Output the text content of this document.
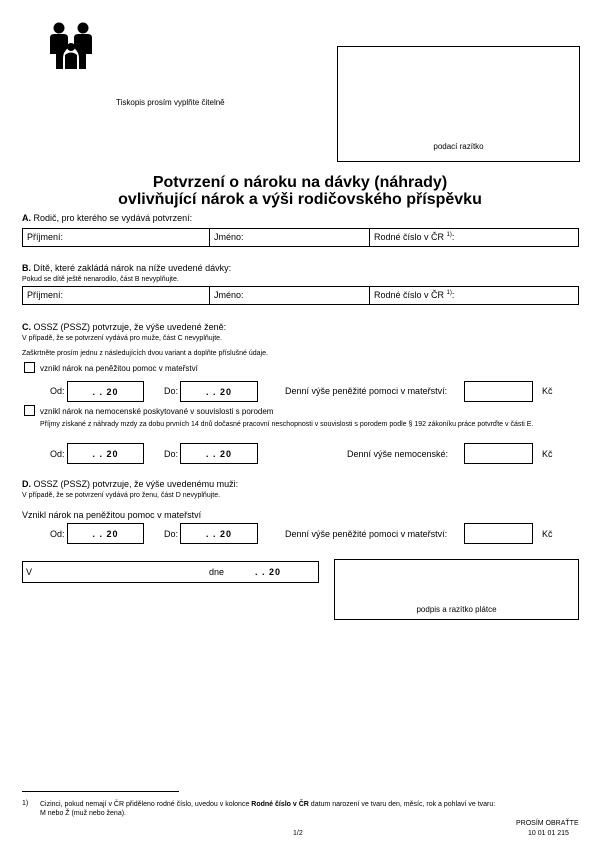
Tiskopis prosím vyplňte čitelně
podací razítko
Potvrzení o nároku na dávky (náhrady)
ovlivňující nárok a výši rodičovského příspěvku
A. Rodič, pro kterého se vydává potvrzení:
Příjmení:	Jméno:	Rodné číslo v ČR $^{1)}$:
B. Dítě, které zakládá nárok na níže uvedené dávky:
Pokud se dítě ještě nenarodilo, část B nevyplňujte.
Příjmení:	Jméno:	Rodné číslo v ČR $^{1)}$:
C. OSSZ (PSSZ) potvrzuje, že výše uvedené ženě:
V případě, že se potvrzení vydává pro muže, část C nevyplňujte.
Zaškrtněte prosím jednu z následujících dvou variant a doplňte příslušné údaje.
vznikl nárok na peněžitou pomoc v mateřství
Od:	. . 20	Do:	. . 20	Denní výše peněžité pomoci v mateřství:	Kč
vznikl nárok na nemocenské poskytované v souvislosti s porodem
Příjmy získané z náhrady mzdy za dobu prvních 14 dnů dočasné pracovní neschopnosti v souvislosti s porodem podle § 192 zákoníku práce potvrďte v části E.
Od:	. . 20	Do:	. . 20	Denní výše nemocenské:	Kč
D. OSSZ (PSSZ) potvrzuje, že výše uvedenému muži:
V případě, že se potvrzení vydává pro ženu, část D nevyplňujte.
Vznikl nárok na peněžitou pomoc v mateřství
Od:	. . 20	Do:	. . 20	Denní výše peněžité pomoci v mateřství:	Kč
V	dne	. . 20
podpis a razítko plátce
1) Cizinci, pokud nemají v ČR přiděleno rodné číslo, uvedou v kolonce Rodné číslo v ČR datum narození ve tvaru den, měsíc, rok a pohlaví ve tvaru:
M nebo Ž (muž nebo žena).
PROSÍM OBRAŤTE
1/2	10 01 01 215
